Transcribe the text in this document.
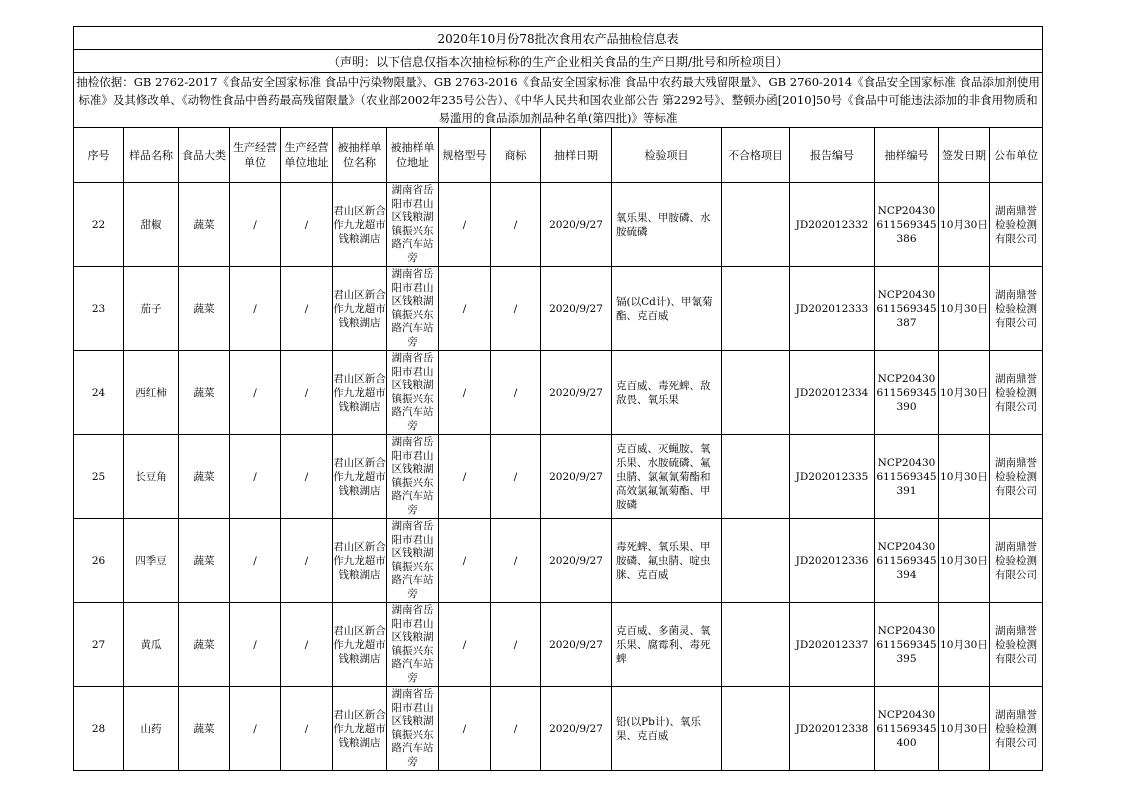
2020年10月份78批次食用农产品抽检信息表															
（声明：以下信息仅指本次抽检标称的生产企业相关食品的生产日期/批号和所检项目）															
抽检依据：GB 2762-2017《食品安全国家标准 食品中污染物限量》、GB 2763-2016《食品安全国家标准 食品中农药最大残留限量》、GB 2760-2014《食品安全国家标准 食品添加剂使用标准》及其修改单、《动物性食品中兽药最高残留限量》（农业部2002年235号公告）、《中华人民共和国农业部公告 第2292号》、整顿办函[2010]50号《食品中可能违法添加的非食用物质和易滥用的食品添加剂品种名单(第四批)》等标准															

序号	样品名称	食品大类	生产经营单位	生产经营单位地址	被抽样单位名称	被抽样单位地址	规格型号	商标	抽样日期	检验项目	不合格项目	报告编号	抽样编号	签发日期	公布单位

22	甜椒	蔬菜	/	/	君山区新合作九龙超市钱粮湖店	湖南省岳阳市君山区钱粮湖镇振兴东路汽车站旁	/	/	2020/9/27	氧乐果、甲胺磷、水胺硫磷		JD202012332	NCP20430611569345386	10月30日	湖南鼎誉检验检测有限公司

23	茄子	蔬菜	/	/	君山区新合作九龙超市钱粮湖店	湖南省岳阳市君山区钱粮湖镇振兴东路汽车站旁	/	/	2020/9/27	镉(以Cd计)、甲氰菊酯、克百威		JD202012333	NCP20430611569345387	10月30日	湖南鼎誉检验检测有限公司

24	西红柿	蔬菜	/	/	君山区新合作九龙超市钱粮湖店	湖南省岳阳市君山区钱粮湖镇振兴东路汽车站旁	/	/	2020/9/27	克百威、毒死蜱、敌敌畏、氧乐果		JD202012334	NCP20430611569345390	10月30日	湖南鼎誉检验检测有限公司

25	长豆角	蔬菜	/	/	君山区新合作九龙超市钱粮湖店	湖南省岳阳市君山区钱粮湖镇振兴东路汽车站旁	/	/	2020/9/27	克百威、灭蝇胺、氧乐果、水胺硫磷、氟虫腈、氯氟氰菊酯和高效氯氟氰菊酯、甲胺磷		JD202012335	NCP20430611569345391	10月30日	湖南鼎誉检验检测有限公司

26	四季豆	蔬菜	/	/	君山区新合作九龙超市钱粮湖店	湖南省岳阳市君山区钱粮湖镇振兴东路汽车站旁	/	/	2020/9/27	毒死蜱、氧乐果、甲胺磷、氟虫腈、啶虫脒、克百威		JD202012336	NCP20430611569345394	10月30日	湖南鼎誉检验检测有限公司

27	黄瓜	蔬菜	/	/	君山区新合作九龙超市钱粮湖店	湖南省岳阳市君山区钱粮湖镇振兴东路汽车站旁	/	/	2020/9/27	克百威、多菌灵、氧乐果、腐霉利、毒死蜱		JD202012337	NCP20430611569345395	10月30日	湖南鼎誉检验检测有限公司

28	山药	蔬菜	/	/	君山区新合作九龙超市钱粮湖店	湖南省岳阳市君山区钱粮湖镇振兴东路汽车站旁	/	/	2020/9/27	铅(以Pb计)、氧乐果、克百威		JD202012338	NCP20430611569345400	10月30日	湖南鼎誉检验检测有限公司
